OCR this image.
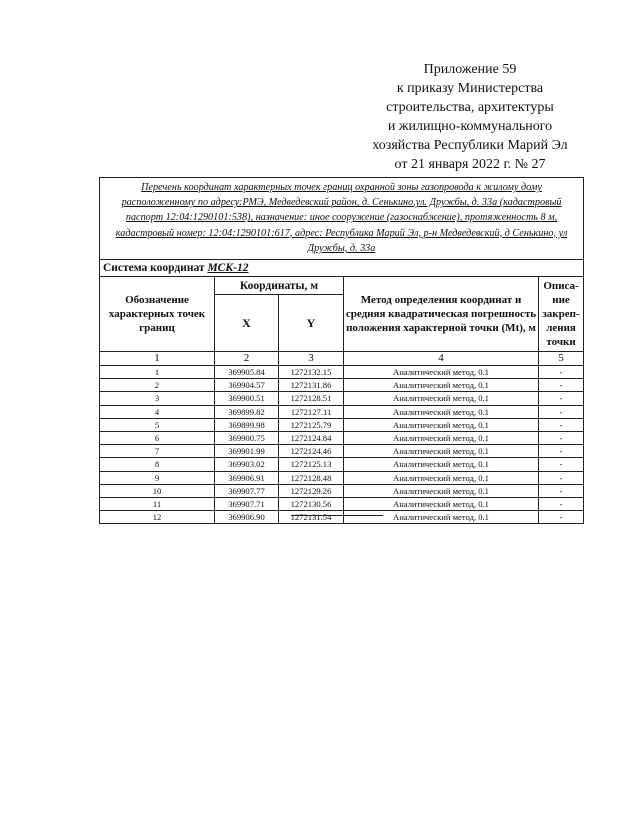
Приложение 59
к приказу Министерства
строительства, архитектуры
и жилищно-коммунального
хозяйства Республики Марий Эл
от 21 января 2022 г. № 27
Перечень координат характерных точек границ охранной зоны газопровода к жилому дому расположенному по адресу:РМЭ, Медведевский район, д. Сенькино,ул. Дружбы, д. 33а (кадастровый паспорт 12:04:1290101:538), назначение: иное сооружение (газоснабжение), протяженность 8 м, кадастровый номер: 12:04:1290101:617, адрес: Республика Марий Эл, р-н Медведевский, д Сенькино, ул Дружбы, д. 33а				
Система координат МСК-12				
Обозначение характерных точек границ	Координаты, м		Метод определения координат и средняя квадратическая погрешность положения характерной точки (Mt), м	Описа-ние закреп-ления точки
	X	Y		
1	2	3	4	5
1	369905.84	1272132.15	Аналитический метод, 0.1	-
2	369904.57	1272131.86	Аналитический метод, 0.1	-
3	369900.51	1272128.51	Аналитический метод, 0.1	-
4	369899.82	1272127.11	Аналитический метод, 0.1	-
5	369899.98	1272125.79	Аналитический метод, 0.1	-
6	369900.75	1272124.84	Аналитический метод, 0.1	-
7	369901.99	1272124.46	Аналитический метод, 0.1	-
8	369903.02	1272125.13	Аналитический метод, 0.1	-
9	369906.91	1272128.48	Аналитический метод, 0.1	-
10	369907.77	1272129.26	Аналитический метод, 0.1	-
11	369907.71	1272130.56	Аналитический метод, 0.1	-
12	369906.90	1272131.54	Аналитический метод, 0.1	-
